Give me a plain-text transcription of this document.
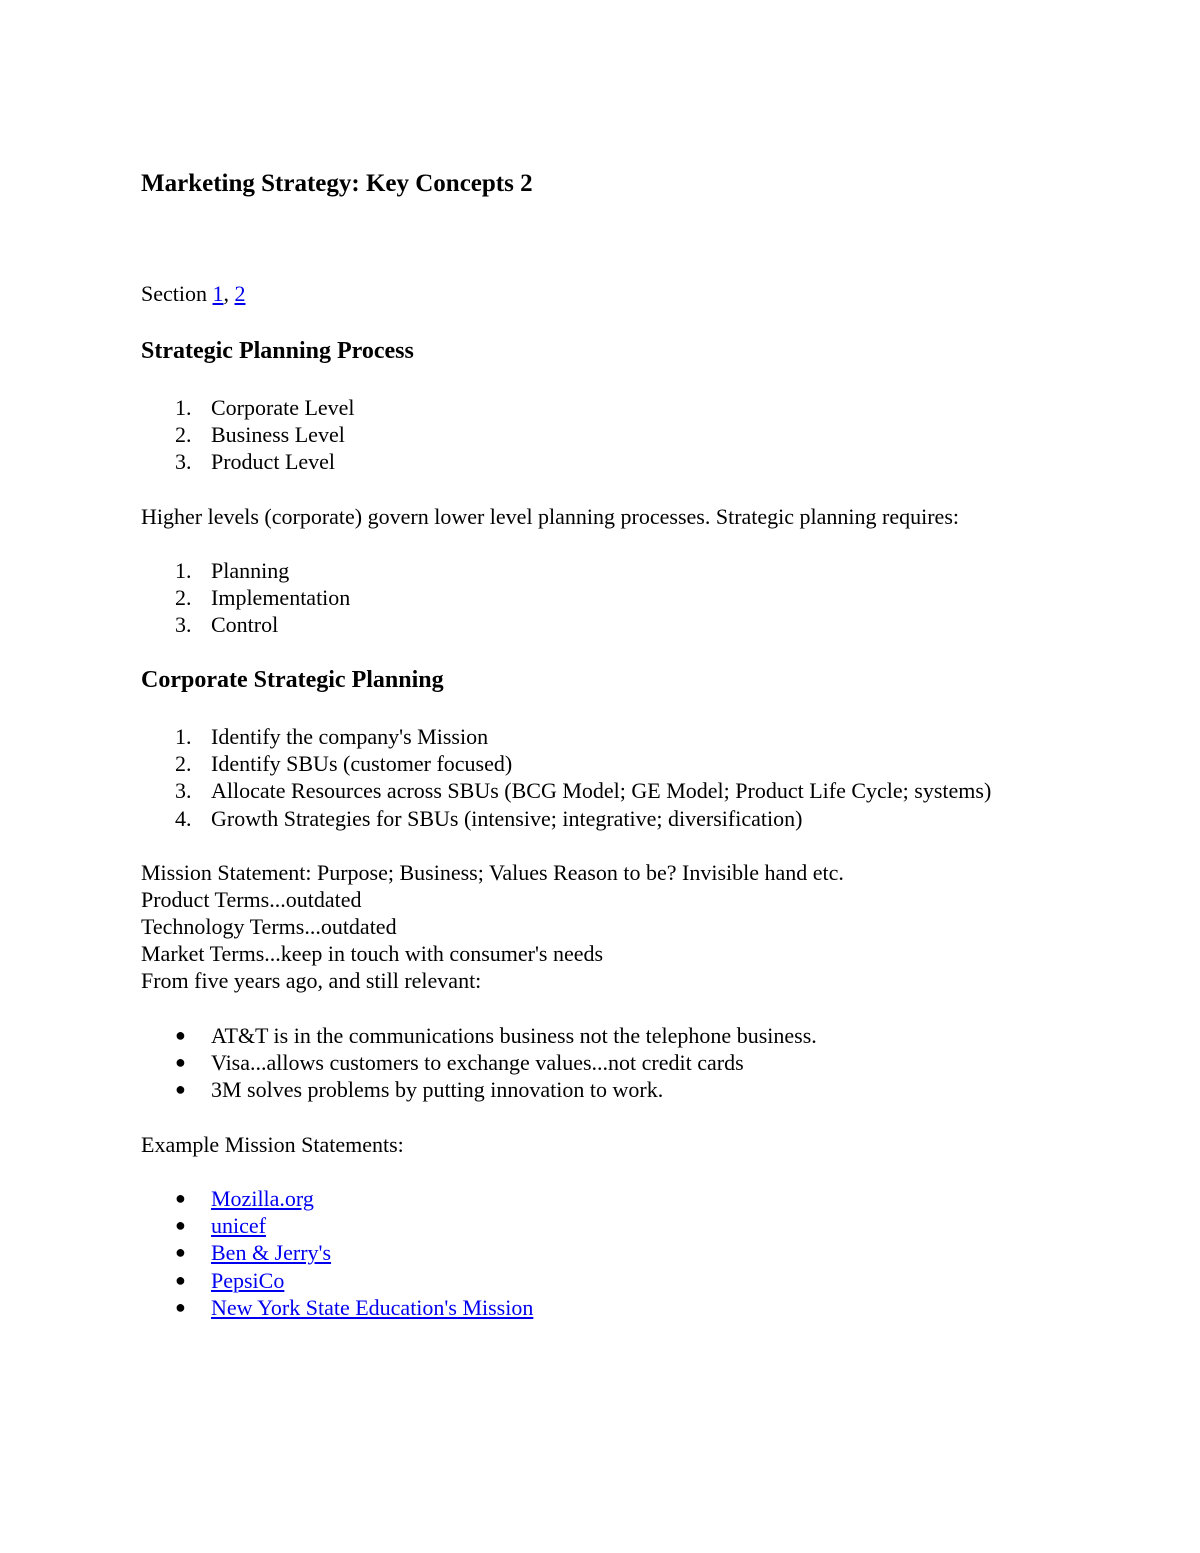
Marketing Strategy: Key Concepts 2
Section 1, 2
Strategic Planning Process
1. Corporate Level
2. Business Level
3. Product Level

Higher levels (corporate) govern lower level planning processes. Strategic planning requires:

1. Planning
2. Implementation
3. Control
Corporate Strategic Planning
1. Identify the company's Mission
2. Identify SBUs (customer focused)
3. Allocate Resources across SBUs (BCG Model; GE Model; Product Life Cycle; systems)
4. Growth Strategies for SBUs (intensive; integrative; diversification)
Mission Statement: Purpose; Business; Values Reason to be? Invisible hand etc.
Product Terms...outdated
Technology Terms...outdated
Market Terms...keep in touch with consumer's needs
From five years ago, and still relevant:
● AT&T is in the communications business not the telephone business.
● Visa...allows customers to exchange values...not credit cards
● 3M solves problems by putting innovation to work.

Example Mission Statements:

● Mozilla.org
● unicef
● Ben & Jerry's
● PepsiCo
● New York State Education's Mission
